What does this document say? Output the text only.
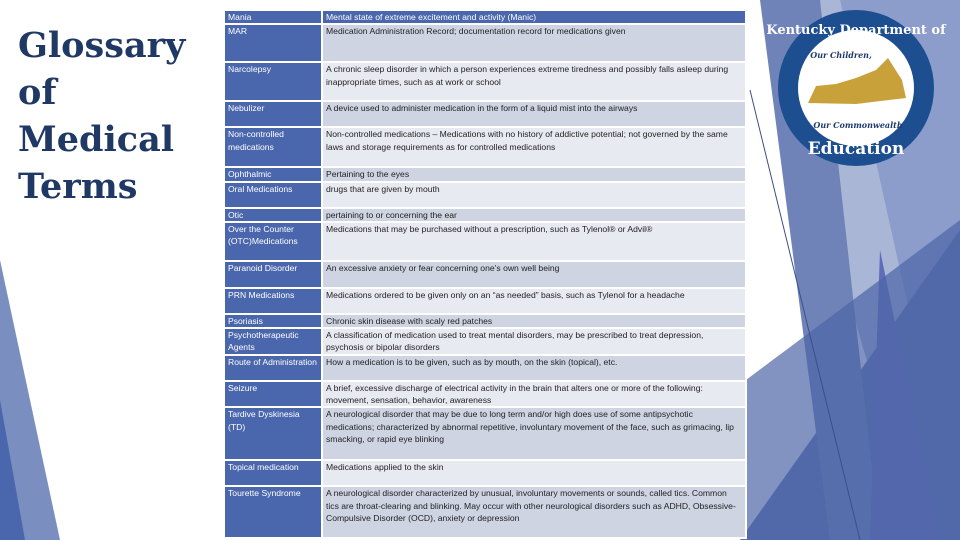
Glossary of Medical Terms
Kentucky Department of
Education
Our Children,
Our Commonwealth
Mania	Mental state of extreme excitement and activity (Manic)
MAR	Medication Administration Record; documentation record for medications given
Narcolepsy	A chronic sleep disorder in which a person experiences extreme tiredness and possibly falls asleep during inappropriate times, such as at work or school
Nebulizer	A device used to administer medication in the form of a liquid mist into the airways
Non-controlled medications	Non-controlled medications – Medications with no history of addictive potential; not governed by the same laws and storage requirements as for controlled medications
Ophthalmic	Pertaining to the eyes
Oral Medications	drugs that are given by mouth
Otic	pertaining to or concerning the ear
Over the Counter (OTC)Medications	Medications that may be purchased without a prescription, such as Tylenol® or Advil®
Paranoid Disorder	An excessive anxiety or fear concerning one’s own well being
PRN Medications	Medications ordered to be given only on an “as needed” basis, such as Tylenol for a headache
Psoriasis	Chronic skin disease with scaly red patches
Psychotherapeutic Agents	A classification of medication used to treat mental disorders, may be prescribed to treat depression, psychosis or bipolar disorders
Route of Administration	How a medication is to be given, such as by mouth, on the skin (topical), etc.
Seizure	A brief, excessive discharge of electrical activity in the brain that alters one or more of the following: movement, sensation, behavior, awareness
Tardive Dyskinesia (TD)	A neurological disorder that may be due to long term and/or high does use of some antipsychotic medications; characterized by abnormal repetitive, involuntary movement of the face, such as grimacing, lip smacking, or rapid eye blinking
Topical medication	Medications applied to the skin
Tourette Syndrome	A neurological disorder characterized by unusual, involuntary movements or sounds, called tics. Common tics are throat-clearing and blinking. May occur with other neurological disorders such as ADHD, Obsessive-Compulsive Disorder (OCD), anxiety or depression
